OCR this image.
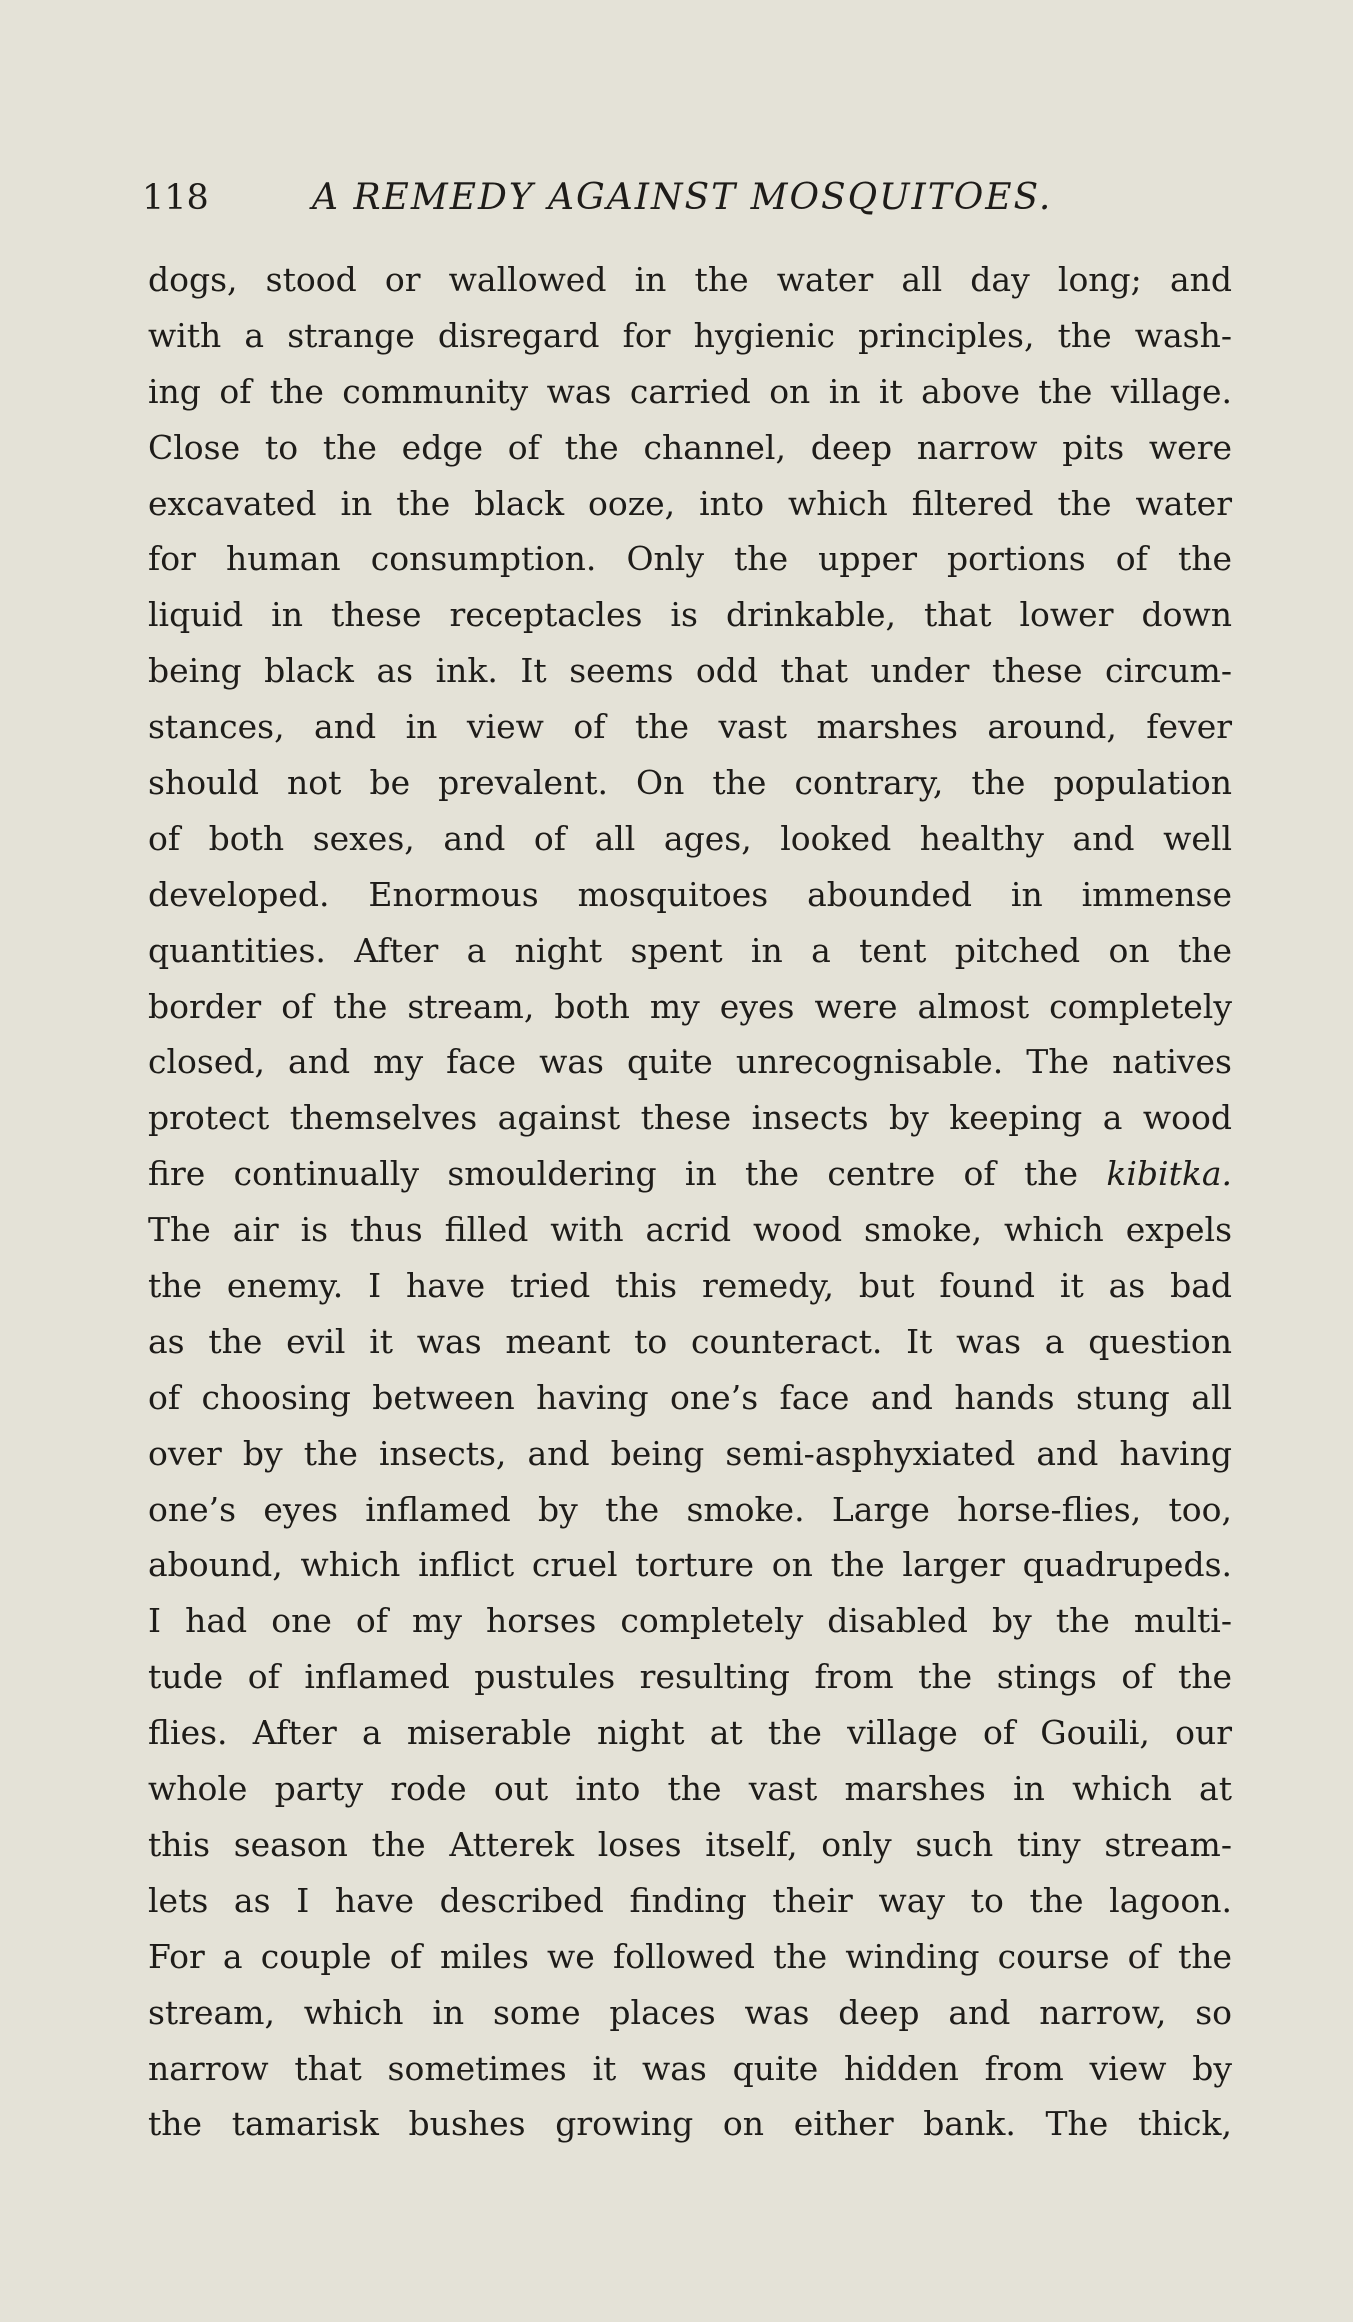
118	A REMEDY AGAINST MOSQUITOES.
dogs, stood or wallowed in the water all day long; and
with a strange disregard for hygienic principles, the wash-
ing of the community was carried on in it above the village.
Close to the edge of the channel, deep narrow pits were
excavated in the black ooze, into which filtered the water
for human consumption. Only the upper portions of the
liquid in these receptacles is drinkable, that lower down
being black as ink. It seems odd that under these circum-
stances, and in view of the vast marshes around, fever
should not be prevalent. On the contrary, the population
of both sexes, and of all ages, looked healthy and well
developed. Enormous mosquitoes abounded in immense
quantities. After a night spent in a tent pitched on the
border of the stream, both my eyes were almost completely
closed, and my face was quite unrecognisable. The natives
protect themselves against these insects by keeping a wood
fire continually smouldering in the centre of the kibitka.
The air is thus filled with acrid wood smoke, which expels
the enemy. I have tried this remedy, but found it as bad
as the evil it was meant to counteract. It was a question
of choosing between having one’s face and hands stung all
over by the insects, and being semi-asphyxiated and having
one’s eyes inflamed by the smoke. Large horse-flies, too,
abound, which inflict cruel torture on the larger quadrupeds.
I had one of my horses completely disabled by the multi-
tude of inflamed pustules resulting from the stings of the
flies. After a miserable night at the village of Gouili, our
whole party rode out into the vast marshes in which at
this season the Atterek loses itself, only such tiny stream-
lets as I have described finding their way to the lagoon.
For a couple of miles we followed the winding course of the
stream, which in some places was deep and narrow, so
narrow that sometimes it was quite hidden from view by
the tamarisk bushes growing on either bank. The thick,
